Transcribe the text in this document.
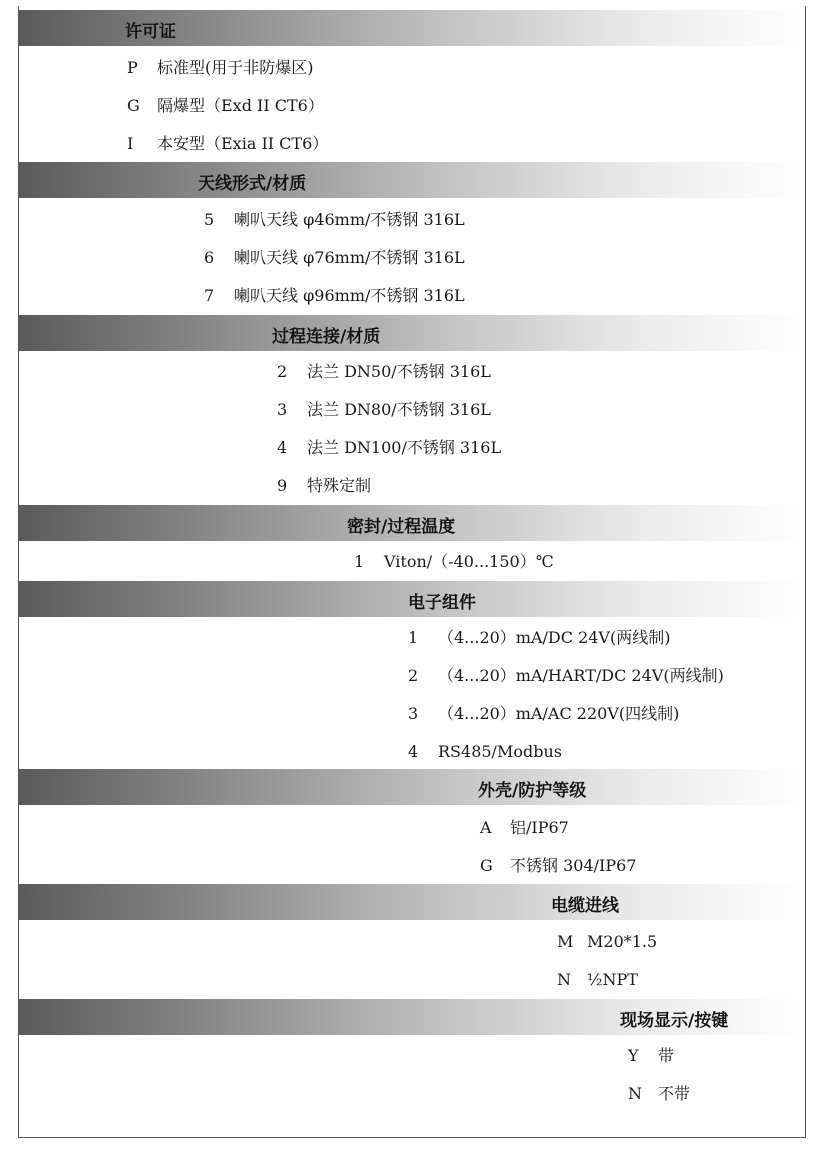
许可证
P 标准型(用于非防爆区)
G 隔爆型（Exd II CT6）
I 本安型（Exia II CT6）
天线形式/材质
5 喇叭天线 φ46mm/不锈钢 316L
6 喇叭天线 φ76mm/不锈钢 316L
7 喇叭天线 φ96mm/不锈钢 316L
过程连接/材质
2 法兰 DN50/不锈钢 316L
3 法兰 DN80/不锈钢 316L
4 法兰 DN100/不锈钢 316L
9 特殊定制
密封/过程温度
1 Viton/（-40...150）℃
电子组件
1 （4...20）mA/DC 24V(两线制)
2 （4...20）mA/HART/DC 24V(两线制)
3 （4...20）mA/AC 220V(四线制)
4 RS485/Modbus
外壳/防护等级
A 铝/IP67
G 不锈钢 304/IP67
电缆进线
M M20*1.5
N ½NPT
现场显示/按键
Y 带
N 不带
